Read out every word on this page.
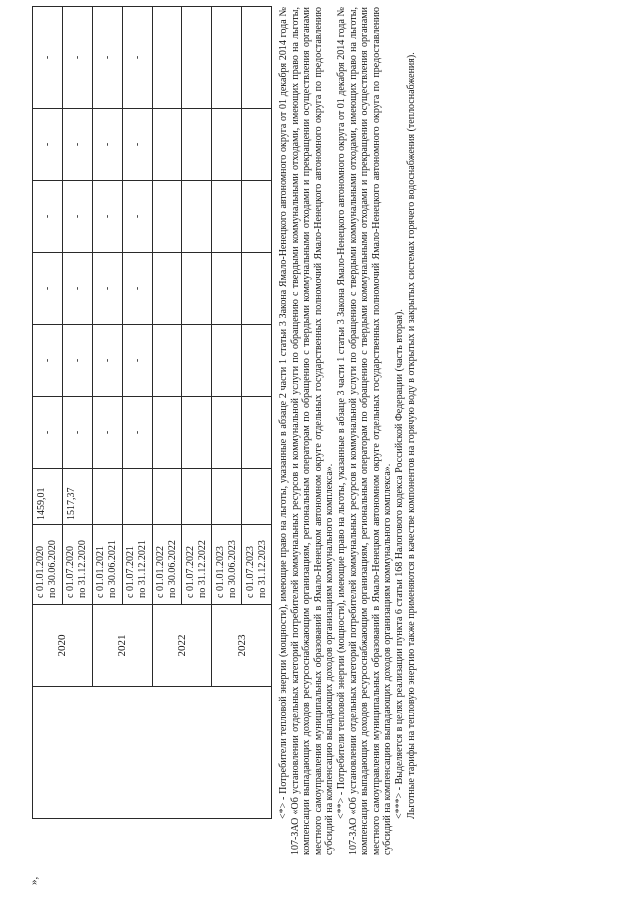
»,
	2020	с 01.01.2020
по 30.06.2020	1459,01	-	-	-	-	-	-
		с 01.07.2020
по 31.12.2020	1517,37	-	-	-	-	-	-
	2021	с 01.01.2021
по 30.06.2021		-	-	-	-	-	-
		с 01.07.2021
по 31.12.2021		-	-	-	-	-	-
	2022	с 01.01.2022
по 30.06.2022							
		с 01.07.2022
по 31.12.2022							
	2023	с 01.01.2023
по 30.06.2023							
		с 01.07.2023
по 31.12.2023							<*> - Потребители тепловой энергии (мощности), имеющие право на льготы, указанные в абзаце 2 части 1 статьи 3 Закона Ямало-Ненецкого автономного округа от 01 декабря 2014 года № 107-ЗАО «Об установлении отдельных категорий потребителей коммунальных ресурсов и коммунальной услуги по обращению с твердыми коммунальными отходами, имеющих право на льготы, компенсации выпадающих доходов ресурсоснабжающим организациям, региональным операторам по обращению с твердыми коммунальными отходами и прекращении осуществления органами местного самоуправления муниципальных образований в Ямало-Ненецком автономном округе отдельных государственных полномочий Ямало-Ненецкого автономного округа по предоставлению субсидий на компенсацию выпадающих доходов организациям коммунального комплекса». <**> - Потребители тепловой энергии (мощности), имеющие право на льготы, указанные в абзаце 3 части 1 статьи 3 Закона Ямало-Ненецкого автономного округа от 01 декабря 2014 года № 107-ЗАО «Об установлении отдельных категорий потребителей коммунальных ресурсов и коммунальной услуги по обращению с твердыми коммунальными отходами, имеющих право на льготы, компенсации выпадающих доходов ресурсоснабжающим организациям, региональным операторам по обращению с твердыми коммунальными отходами и прекращении осуществления органами местного самоуправления муниципальных образований в Ямало-Ненецком автономном округе отдельных государственных полномочий Ямало-Ненецкого автономного округа по предоставлению субсидий на компенсацию выпадающих доходов организациям коммунального комплекса». <***> - Выделяется в целях реализации пункта 6 статьи 168 Налогового кодекса Российской Федерации (часть вторая). Льготные тарифы на тепловую энергию также применяются в качестве компонентов на горячую воду в открытых и закрытых системах горячего водоснабжения (теплоснабжения).
